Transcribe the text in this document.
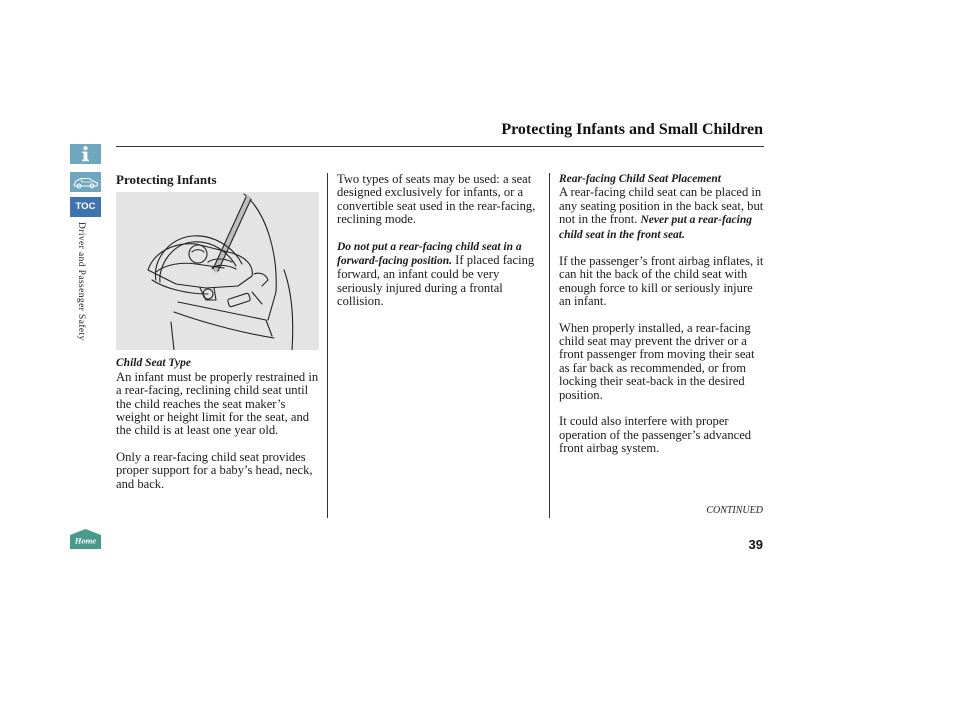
Protecting Infants and Small Children
TOC
Driver and Passenger Safety
Home

Protecting Infants

Child Seat Type

An infant must be properly restrained in a rear-facing, reclining child seat until the child reaches the seat maker’s weight or height limit for the seat, and the child is at least one year old.

Only a rear-facing child seat provides proper support for a baby’s head, neck, and back.

Two types of seats may be used: a seat designed exclusively for infants, or a convertible seat used in the rear-facing, reclining mode.

Do not put a rear-facing child seat in a forward-facing position. If placed facing forward, an infant could be very seriously injured during a frontal collision.

Rear-facing Child Seat Placement

A rear-facing child seat can be placed in any seating position in the back seat, but not in the front. Never put a rear-facing child seat in the front seat.

If the passenger’s front airbag inflates, it can hit the back of the child seat with enough force to kill or seriously injure an infant.

When properly installed, a rear-facing child seat may prevent the driver or a front passenger from moving their seat as far back as recommended, or from locking their seat-back in the desired position.

It could also interfere with proper operation of the passenger’s advanced front airbag system.

CONTINUED
39
